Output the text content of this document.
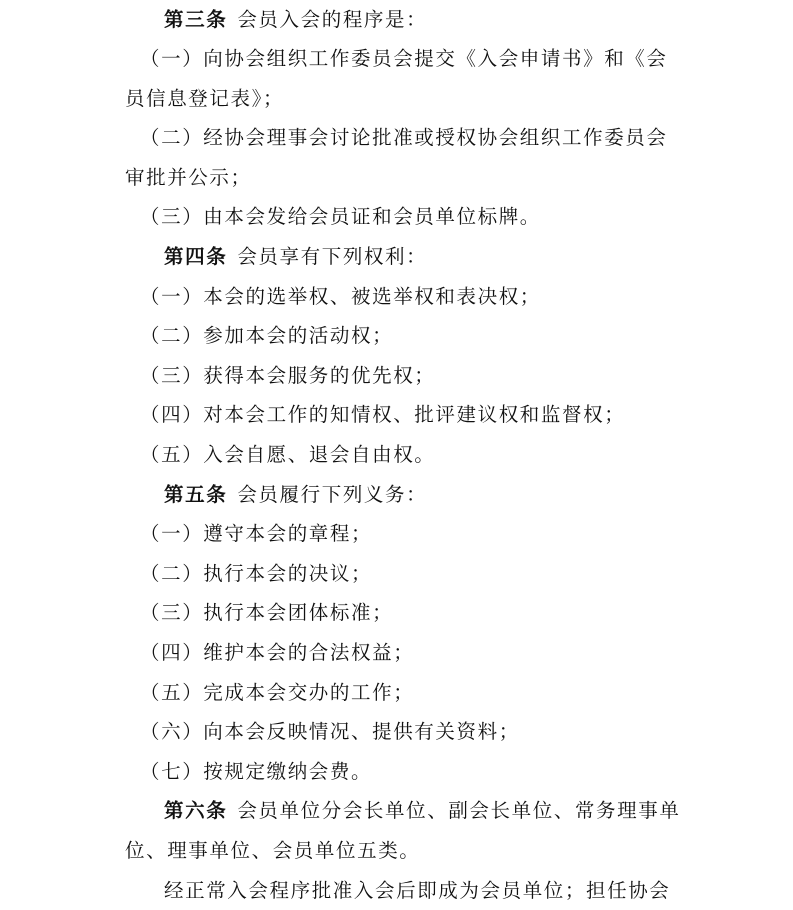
第三条 会员入会的程序是：
（一）向协会组织工作委员会提交《入会申请书》和《会
员信息登记表》；
（二）经协会理事会讨论批准或授权协会组织工作委员会
审批并公示；
（三）由本会发给会员证和会员单位标牌。
第四条 会员享有下列权利：
（一）本会的选举权、被选举权和表决权；
（二）参加本会的活动权；
（三）获得本会服务的优先权；
（四）对本会工作的知情权、批评建议权和监督权；
（五）入会自愿、退会自由权。
第五条 会员履行下列义务：
（一）遵守本会的章程；
（二）执行本会的决议；
（三）执行本会团体标准；
（四）维护本会的合法权益；
（五）完成本会交办的工作；
（六）向本会反映情况、提供有关资料；
（七）按规定缴纳会费。
第六条 会员单位分会长单位、副会长单位、常务理事单
位、理事单位、会员单位五类。
经正常入会程序批准入会后即成为会员单位；担任协会
